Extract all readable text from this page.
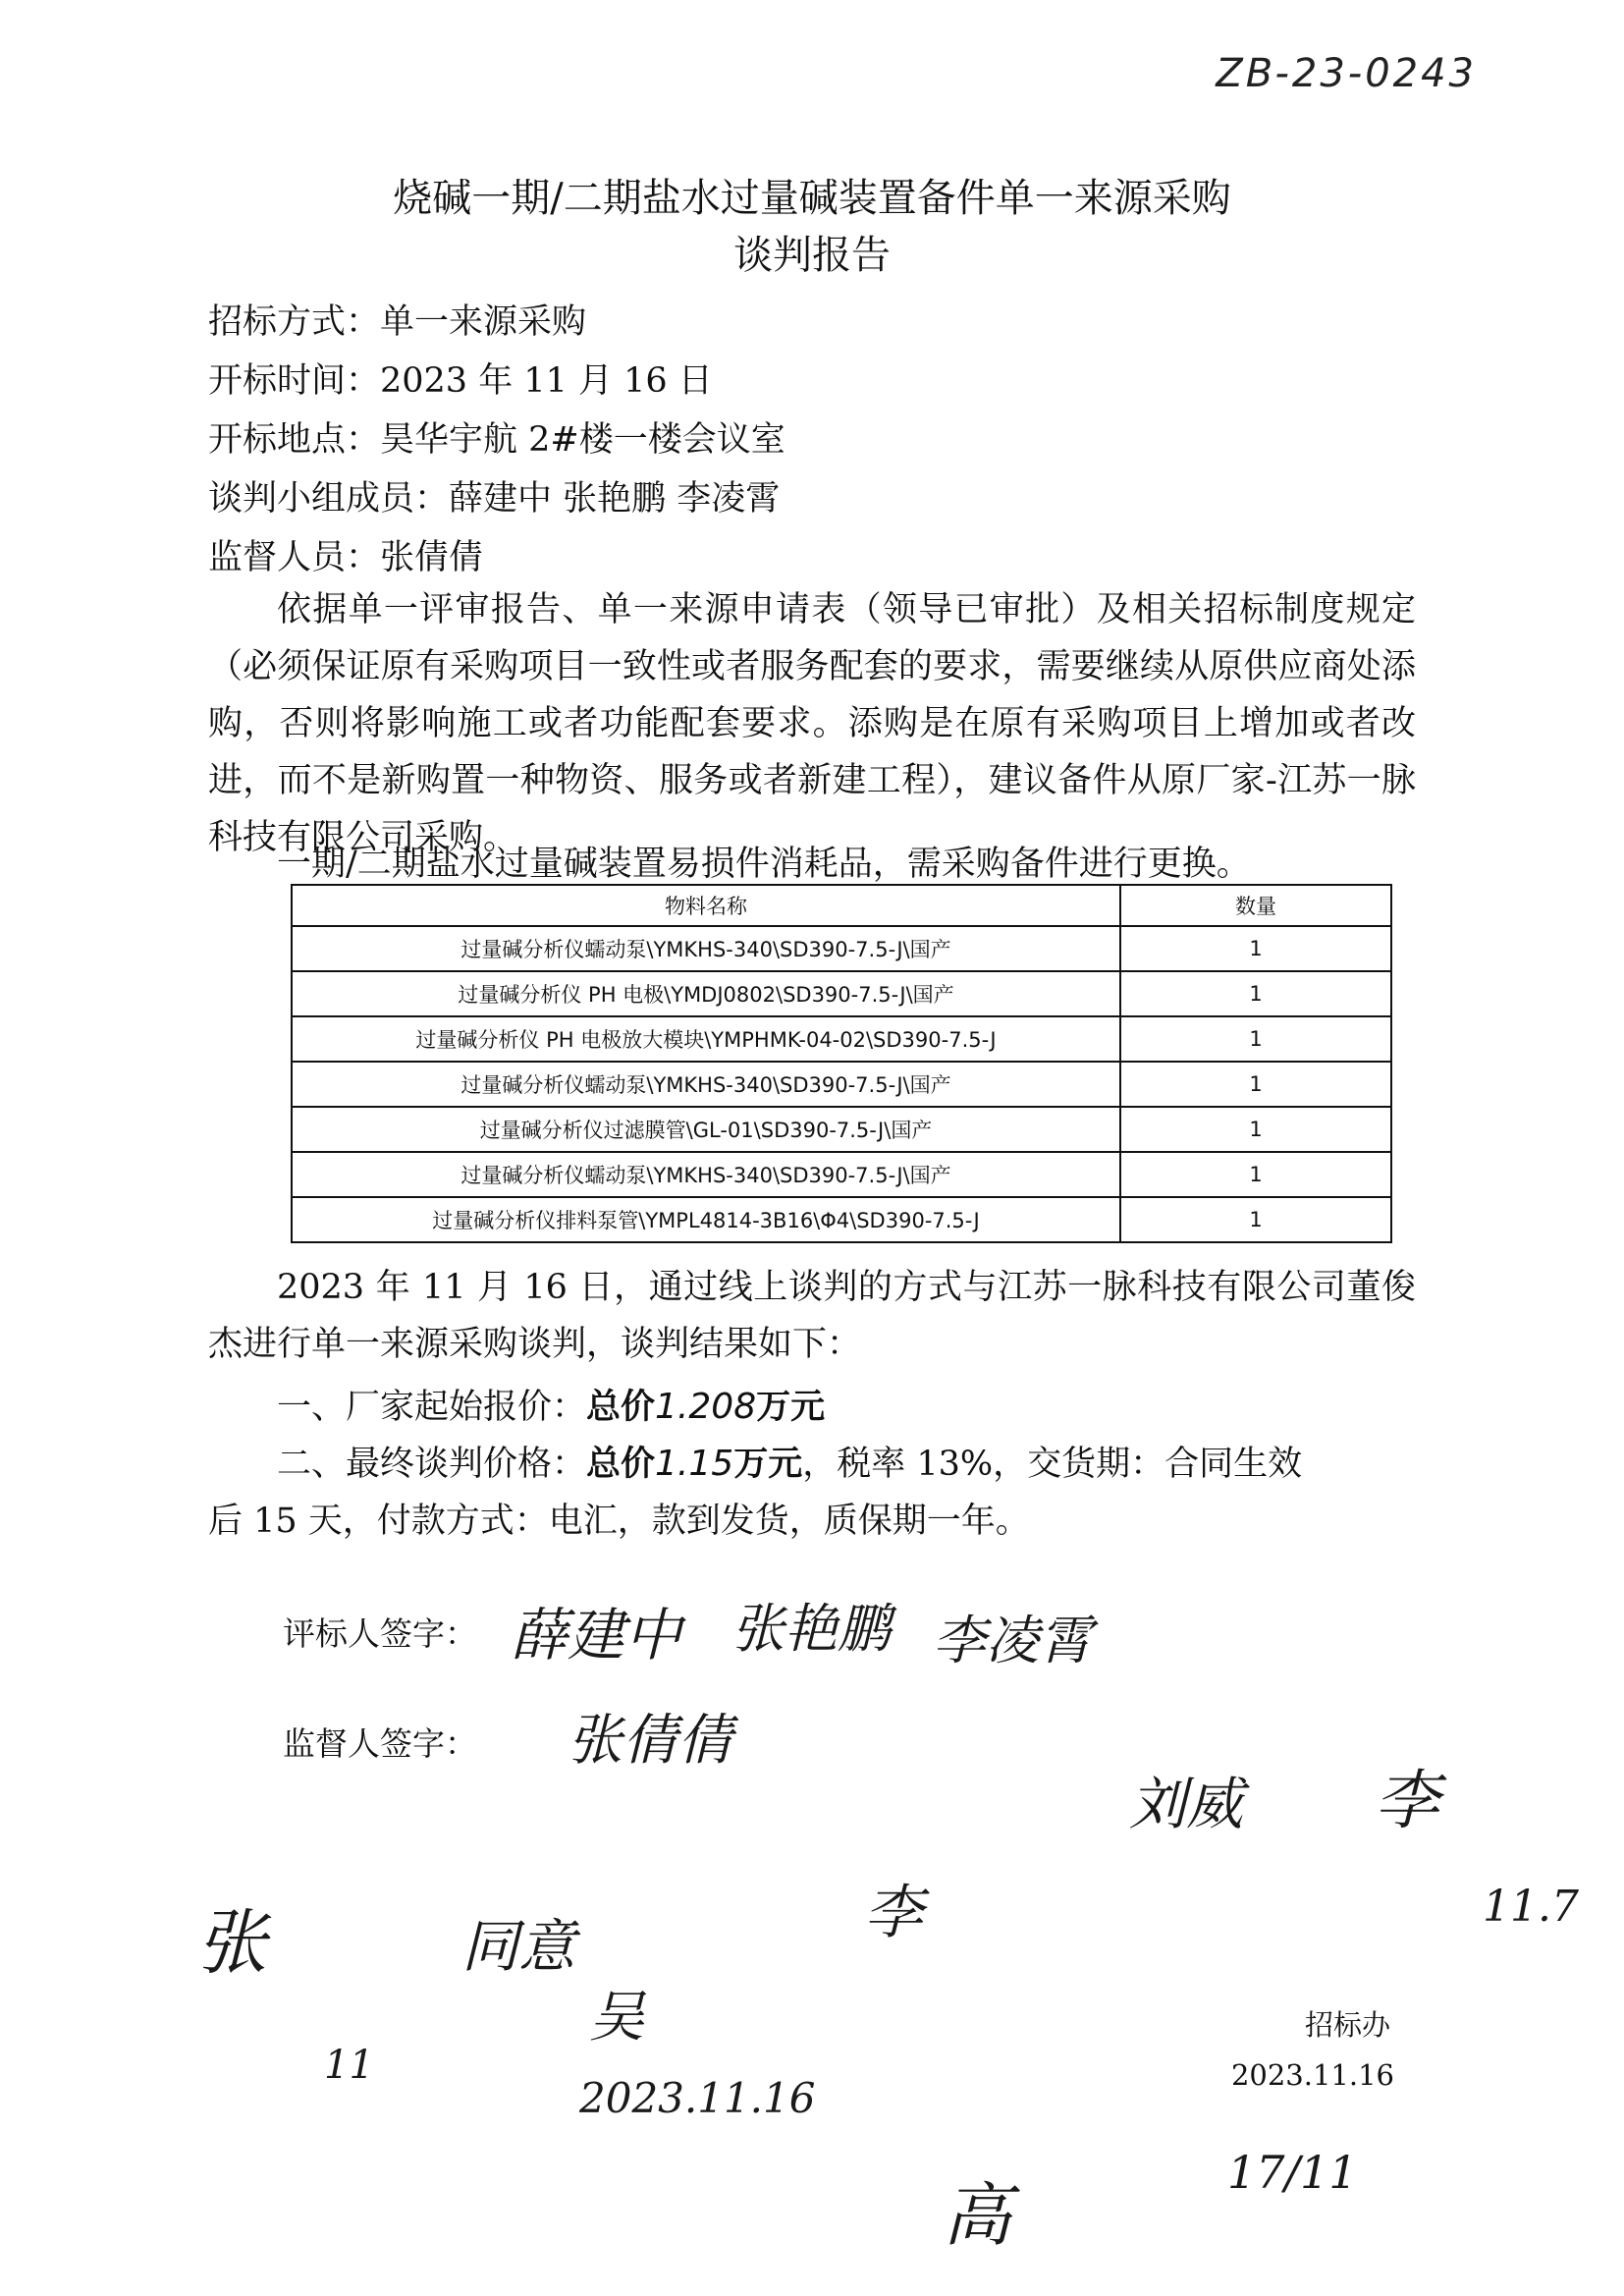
ZB-23-0243
烧碱一期/二期盐水过量碱装置备件单一来源采购
谈判报告
招标方式：单一来源采购
开标时间：2023 年 11 月 16 日
开标地点：昊华宇航 2#楼一楼会议室
谈判小组成员：薛建中 张艳鹏 李凌霄
监督人员：张倩倩

依据单一评审报告、单一来源申请表（领导已审批）及相关招标制度规定（必须保证原有采购项目一致性或者服务配套的要求，需要继续从原供应商处添购，否则将影响施工或者功能配套要求。添购是在原有采购项目上增加或者改进，而不是新购置一种物资、服务或者新建工程），建议备件从原厂家-江苏一脉科技有限公司采购。

一期/二期盐水过量碱装置易损件消耗品，需采购备件进行更换。
物料名称	数量
过量碱分析仪蠕动泵\YMKHS-340\SD390-7.5-J\国产	1
过量碱分析仪 PH 电极\YMDJ0802\SD390-7.5-J\国产	1
过量碱分析仪 PH 电极放大模块\YMPHMK-04-02\SD390-7.5-J	1
过量碱分析仪蠕动泵\YMKHS-340\SD390-7.5-J\国产	1
过量碱分析仪过滤膜管\GL-01\SD390-7.5-J\国产	1
过量碱分析仪蠕动泵\YMKHS-340\SD390-7.5-J\国产	1
过量碱分析仪排料泵管\YMPL4814-3B16\Φ4\SD390-7.5-J	1

2023 年 11 月 16 日，通过线上谈判的方式与江苏一脉科技有限公司董俊杰进行单一来源采购谈判，谈判结果如下：

一、厂家起始报价：总价1.208万元
二、最终谈判价格：总价1.15万元，税率 13%，交货期：合同生效
后 15 天，付款方式：电汇，款到发货，质保期一年。
评标人签字： 薛建中 张艳鹏 李凌霄
监督人签字： 张倩倩
刘威 李
11.7
张	同意	李
吴
11
2023.11.16
高
17/11
招标办
2023.11.16
